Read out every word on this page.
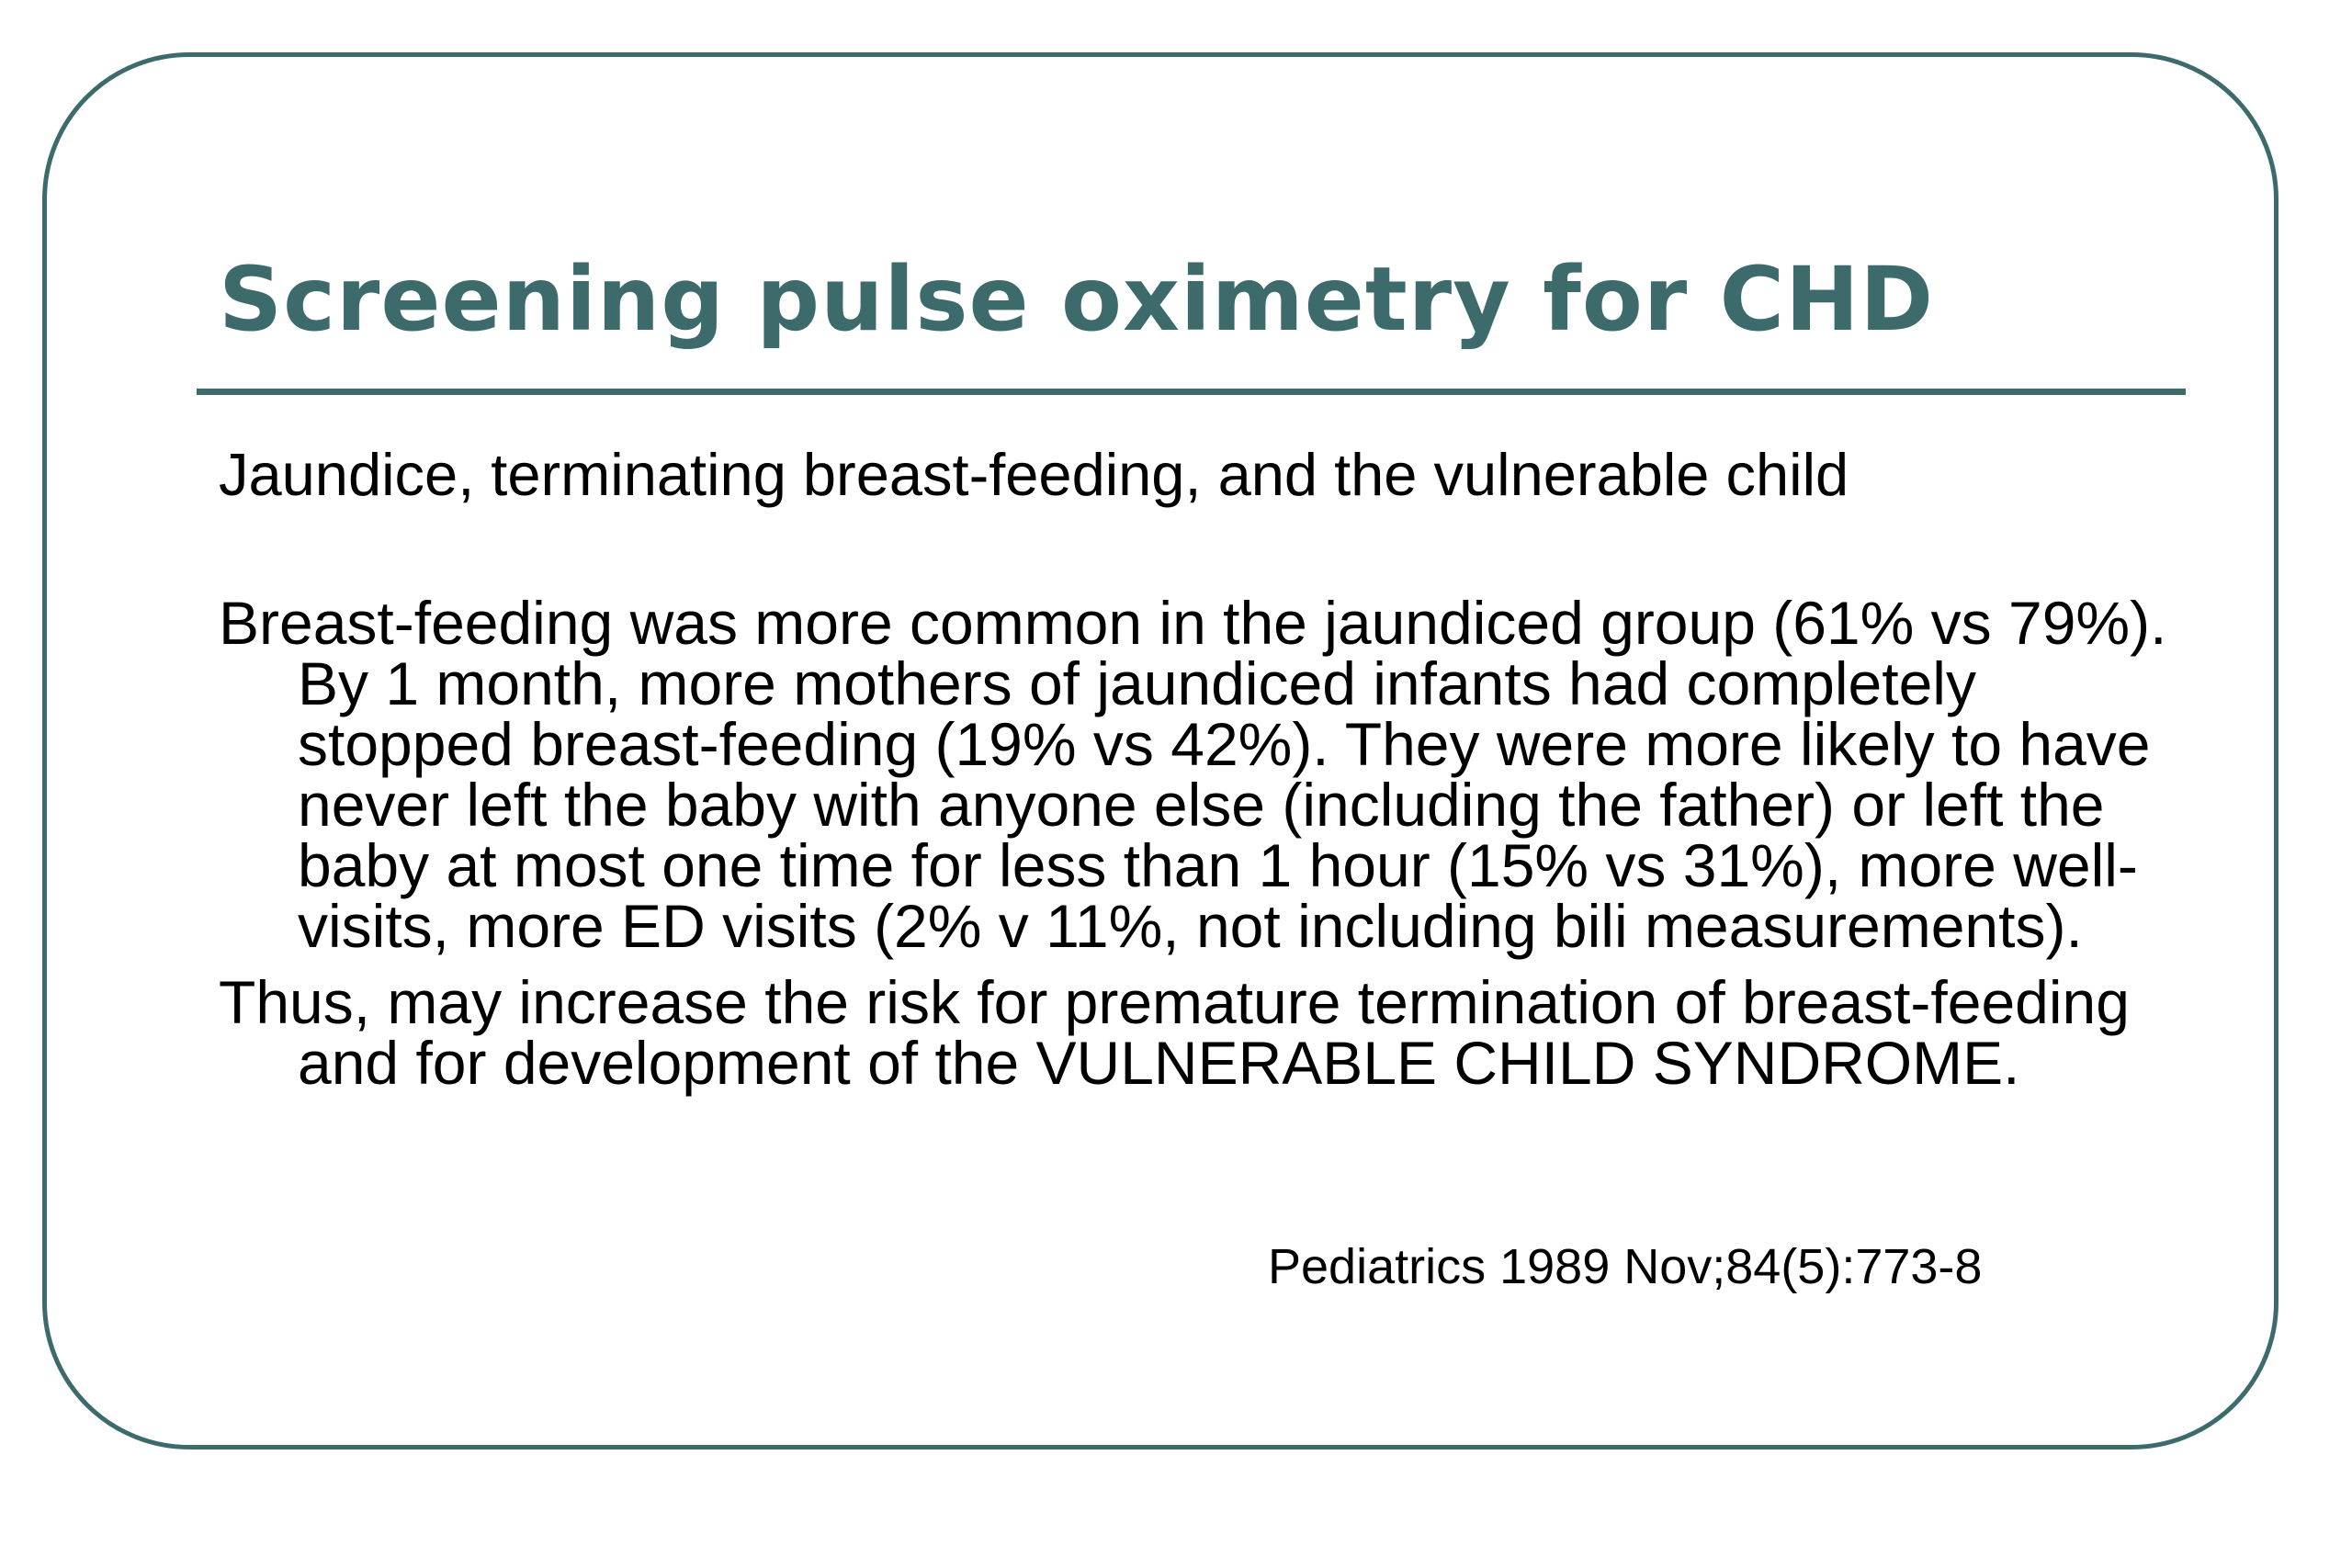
Screening pulse oximetry for CHD
Jaundice, terminating breast-feeding, and the vulnerable child

Breast-feeding was more common in the jaundiced group (61% vs 79%). By 1 month, more mothers of jaundiced infants had completely stopped breast-feeding (19% vs 42%). They were more likely to have never left the baby with anyone else (including the father) or left the baby at most one time for less than 1 hour (15% vs 31%), more well-visits, more ED visits (2% v 11%, not including bili measurements).

Thus, may increase the risk for premature termination of breast-feeding and for development of the VULNERABLE CHILD SYNDROME.

Pediatrics 1989 Nov;84(5):773-8
